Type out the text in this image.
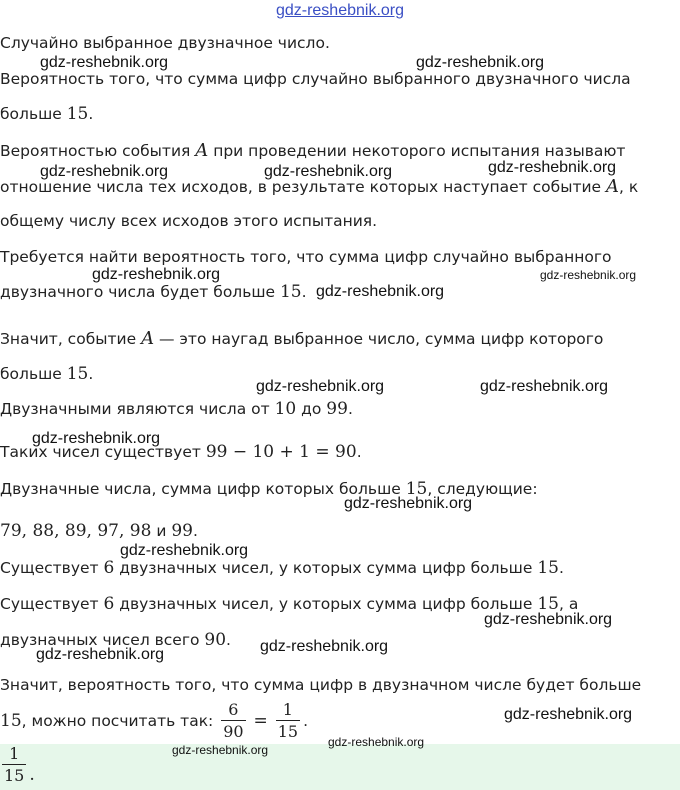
gdz-reshebnik.org
Случайно выбранное двузначное число.
Вероятность того, что сумма цифр случайно выбранного двузначного числа
больше 15.
Вероятностью события A при проведении некоторого испытания называют
отношение числа тех исходов, в результате которых наступает событие A, к
общему числу всех исходов этого испытания.
Требуется найти вероятность того, что сумма цифр случайно выбранного
двузначного числа будет больше 15.
Значит, событие A — это наугад выбранное число, сумма цифр которого
больше 15.
Двузначными являются числа от 10 до 99.
Таких чисел существует 99 − 10 + 1 = 90.
Двузначные числа, сумма цифр которых больше 15, следующие:
79, 88, 89, 97, 98 и 99.
Существует 6 двузначных чисел, у которых сумма цифр больше 15.
Существует 6 двузначных чисел, у которых сумма цифр больше 15, а
двузначных чисел всего 90.
Значит, вероятность того, что сумма цифр в двузначном числе будет больше
15, можно посчитать так: $\frac{6}{90} = \frac{1}{15}$ .
$\frac{1}{15}$ .
gdz-reshebnik.org	gdz-reshebnik.org
gdz-reshebnik.org	gdz-reshebnik.org	gdz-reshebnik.org
gdz-reshebnik.org	gdz-reshebnik.org
gdz-reshebnik.org
gdz-reshebnik.org	gdz-reshebnik.org
gdz-reshebnik.org
gdz-reshebnik.org
gdz-reshebnik.org
gdz-reshebnik.org
gdz-reshebnik.org
gdz-reshebnik.org
gdz-reshebnik.org
gdz-reshebnik.org
gdz-reshebnik.org
